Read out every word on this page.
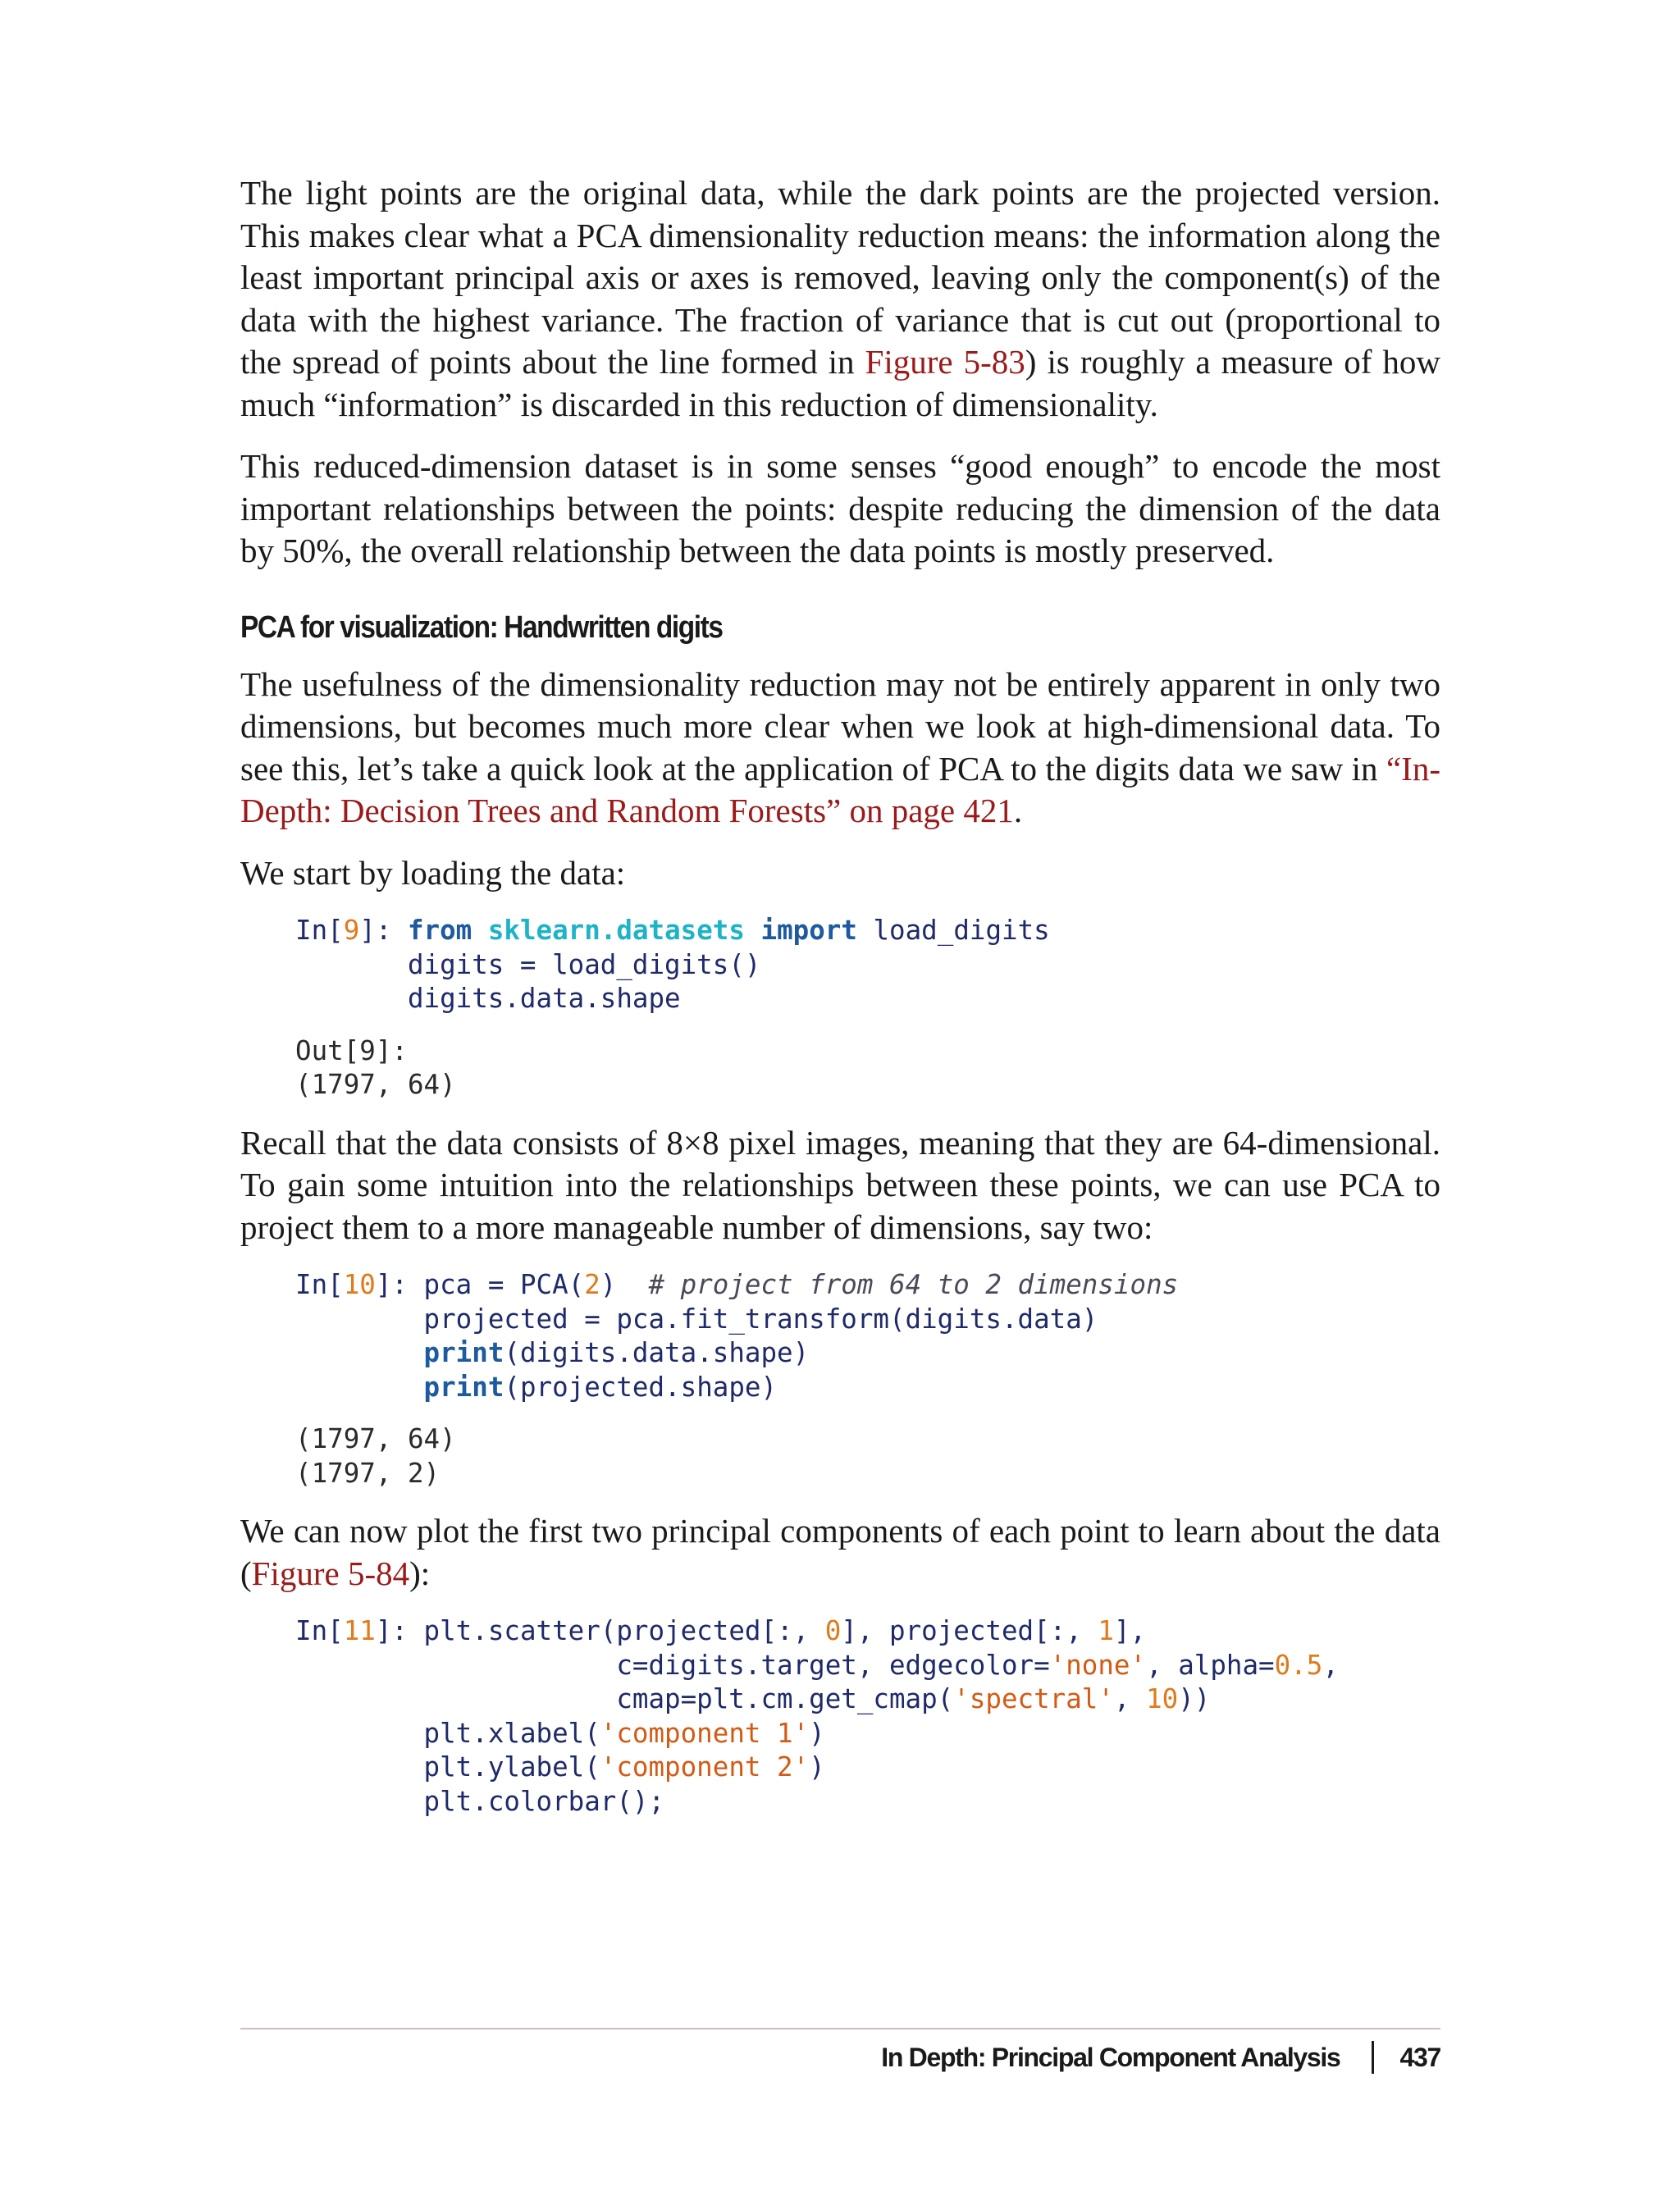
The light points are the original data, while the dark points are the projected version. This makes clear what a PCA dimensionality reduction means: the information along the least important principal axis or axes is removed, leaving only the component(s) of the data with the highest variance. The fraction of variance that is cut out (proportional to the spread of points about the line formed in Figure 5-83) is roughly a measure of how much “information” is discarded in this reduction of dimensionality.

This reduced-dimension dataset is in some senses “good enough” to encode the most important relationships between the points: despite reducing the dimension of the data by 50%, the overall relationship between the data points is mostly preserved.

PCA for visualization: Handwritten digits

The usefulness of the dimensionality reduction may not be entirely apparent in only two dimensions, but becomes much more clear when we look at high-dimensional data. To see this, let’s take a quick look at the application of PCA to the digits data we saw in “In-Depth: Decision Trees and Random Forests” on page 421.

We start by loading the data:

In[9]: from sklearn.datasets import load_digits
digits = load_digits()
digits.data.shape
Out[9]:
(1797, 64)

Recall that the data consists of 8×8 pixel images, meaning that they are 64-dimensional. To gain some intuition into the relationships between these points, we can use PCA to project them to a more manageable number of dimensions, say two:

In[10]: pca = PCA(2)  # project from 64 to 2 dimensions
projected = pca.fit_transform(digits.data)
print(digits.data.shape)
print(projected.shape)
(1797, 64)
(1797, 2)

We can now plot the first two principal components of each point to learn about the data (Figure 5-84):

In[11]: plt.scatter(projected[:, 0], projected[:, 1],
c=digits.target, edgecolor='none', alpha=0.5,
cmap=plt.cm.get_cmap('spectral', 10))
plt.xlabel('component 1')
plt.ylabel('component 2')
plt.colorbar();
In Depth: Principal Component Analysis 437
